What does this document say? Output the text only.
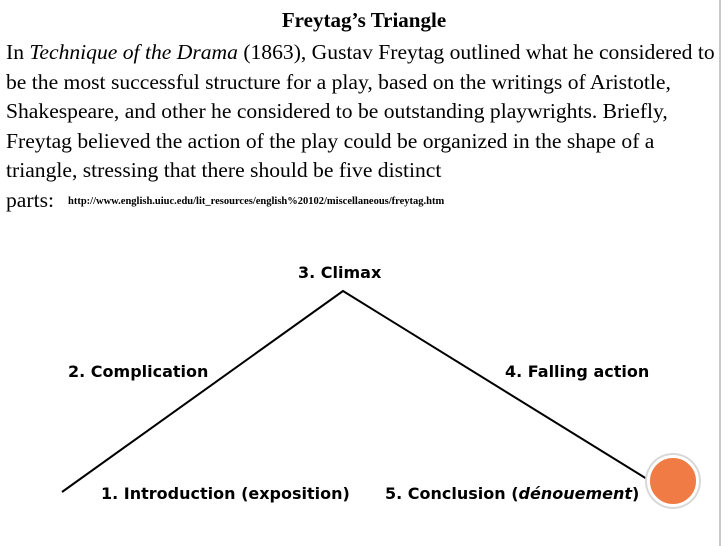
Freytag’s Triangle
In Technique of the Drama (1863), Gustav Freytag outlined what he considered to be the most successful structure for a play, based on the writings of Aristotle, Shakespeare, and other he considered to be outstanding playwrights. Briefly, Freytag believed the action of the play could be organized in the shape of a triangle, stressing that there should be five distinct parts: http://www.english.uiuc.edu/lit_resources/english%20102/miscellaneous/freytag.htm
3. Climax
2. Complication	4. Falling action
1. Introduction (exposition) 5. Conclusion (dénouement)
